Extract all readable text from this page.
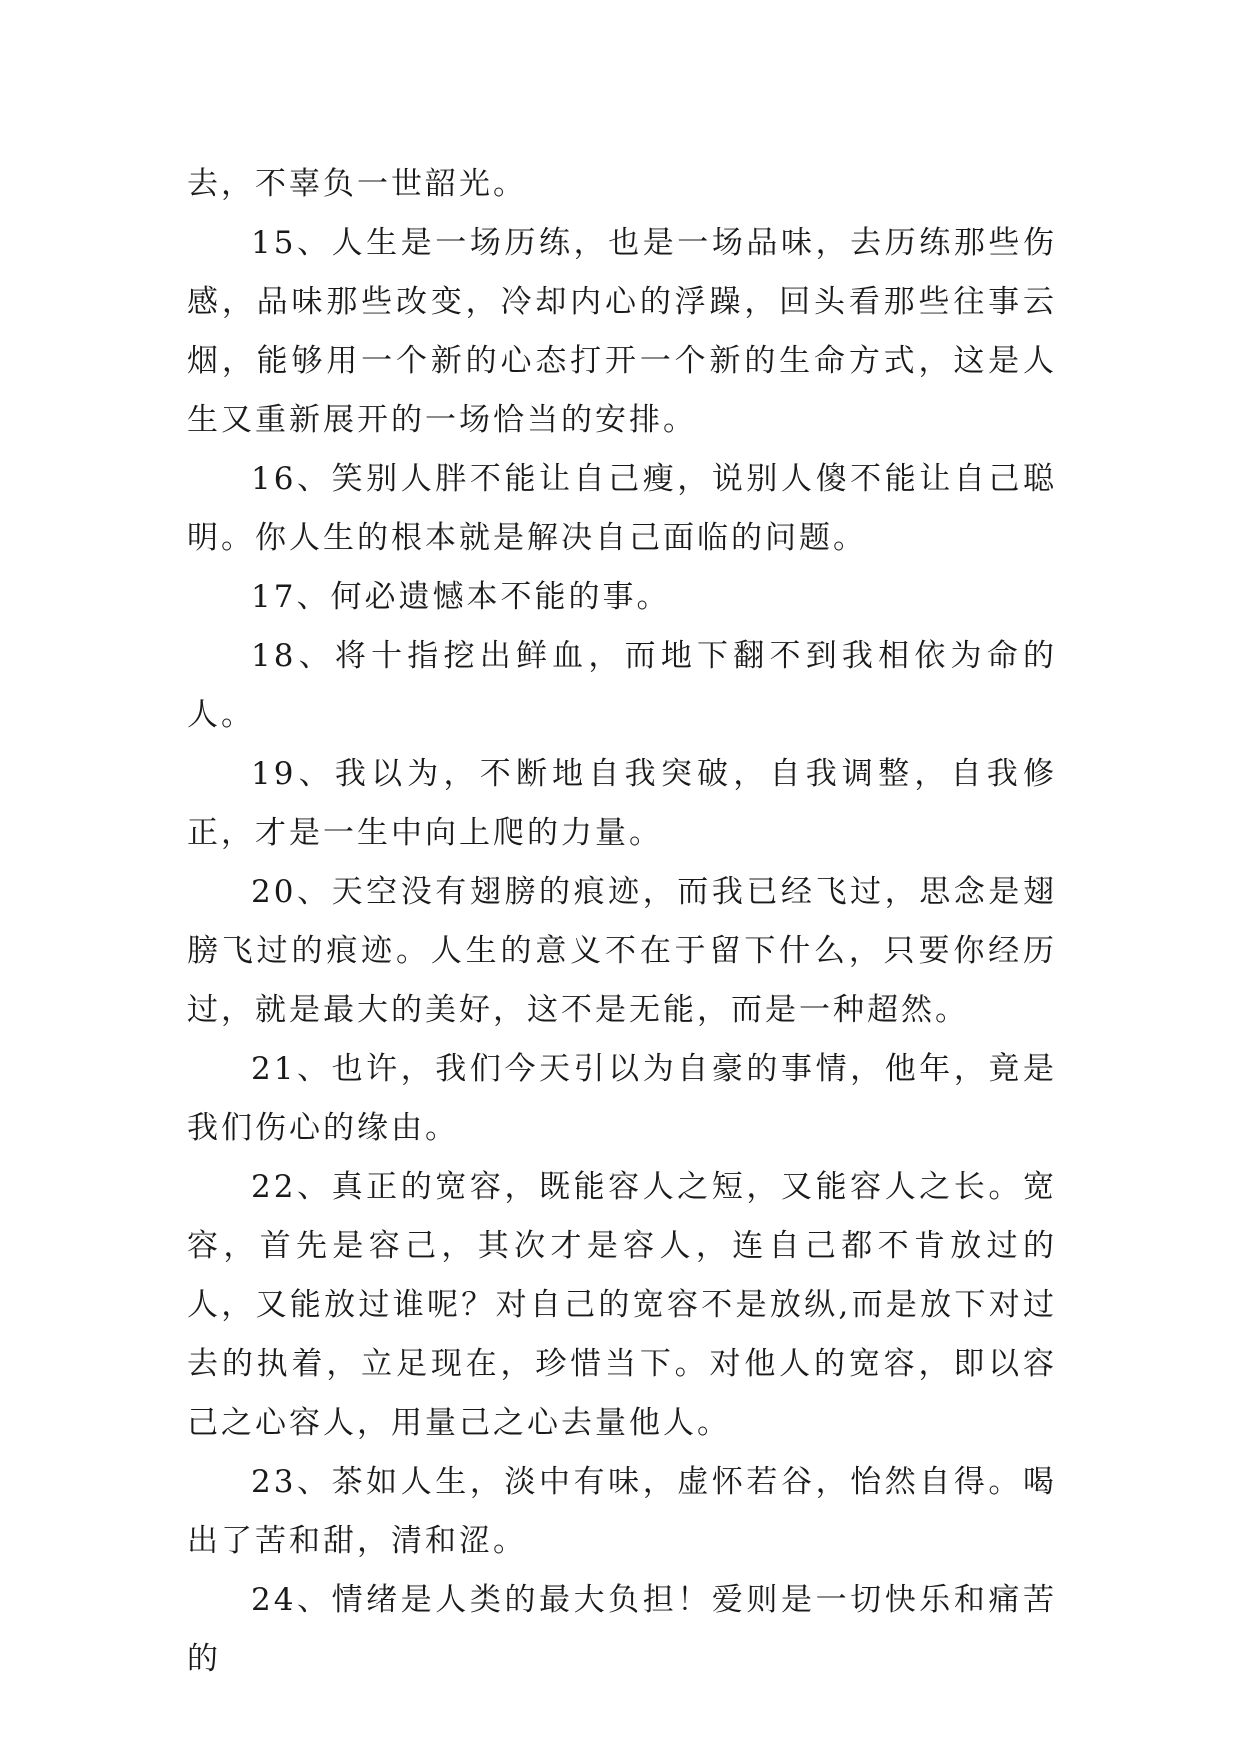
去，不辜负一世韶光。

15、人生是一场历练，也是一场品味，去历练那些伤感，品味那些改变，冷却内心的浮躁，回头看那些往事云烟，能够用一个新的心态打开一个新的生命方式，这是人生又重新展开的一场恰当的安排。

16、笑别人胖不能让自己瘦，说别人傻不能让自己聪明。你人生的根本就是解决自己面临的问题。

17、何必遗憾本不能的事。

18、将十指挖出鲜血，而地下翻不到我相依为命的人。

19、我以为，不断地自我突破，自我调整，自我修正，才是一生中向上爬的力量。

20、天空没有翅膀的痕迹，而我已经飞过，思念是翅膀飞过的痕迹。人生的意义不在于留下什么，只要你经历过，就是最大的美好，这不是无能，而是一种超然。

21、也许，我们今天引以为自豪的事情，他年，竟是我们伤心的缘由。

22、真正的宽容，既能容人之短，又能容人之长。宽容，首先是容己，其次才是容人，连自己都不肯放过的人，又能放过谁呢？对自己的宽容不是放纵,而是放下对过去的执着，立足现在，珍惜当下。对他人的宽容，即以容己之心容人，用量己之心去量他人。

23、茶如人生，淡中有味，虚怀若谷，怡然自得。喝出了苦和甜，清和涩。

24、情绪是人类的最大负担！爱则是一切快乐和痛苦的
